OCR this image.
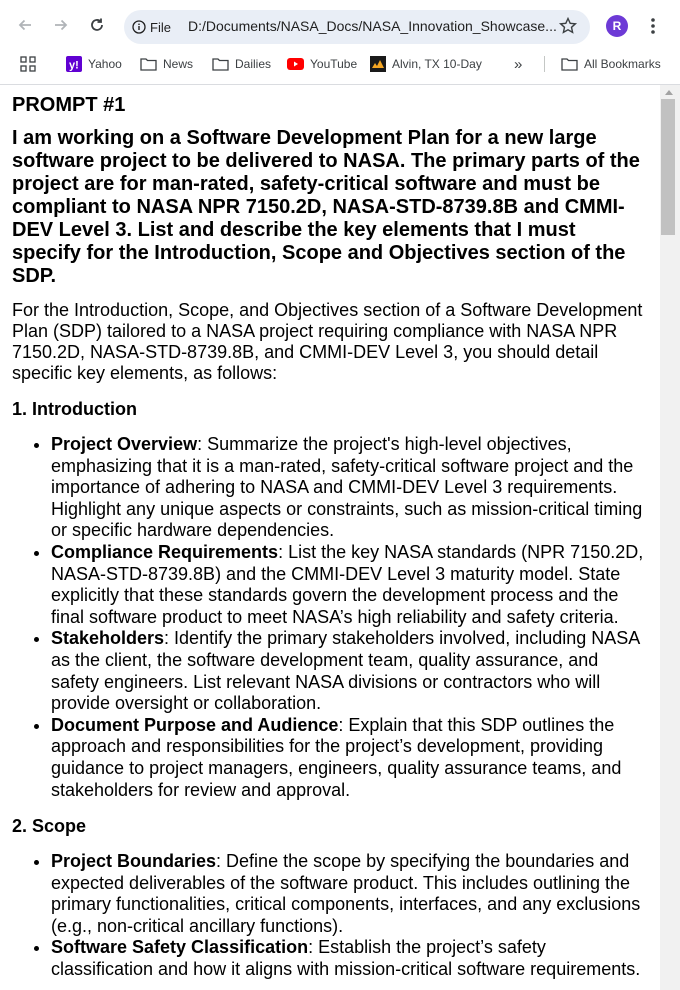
File D:/Documents/NASA_Docs/NASA_Innovation_Showcase...	R
y! Yahoo	News	Dailies	YouTube	Alvin, TX 10-Day »	All Bookmarks
PROMPT #1
I am working on a Software Development Plan for a new large software project to be delivered to NASA. The primary parts of the project are for man-rated, safety-critical software and must be compliant to NASA NPR 7150.2D, NASA-STD-8739.8B and CMMI-DEV Level 3. List and describe the key elements that I must specify for the Introduction, Scope and Objectives section of the SDP.

For the Introduction, Scope, and Objectives section of a Software Development Plan (SDP) tailored to a NASA project requiring compliance with NASA NPR 7150.2D, NASA-STD-8739.8B, and CMMI-DEV Level 3, you should detail specific key elements, as follows:

1. Introduction
• Project Overview: Summarize the project's high-level objectives, emphasizing that it is a man-rated, safety-critical software project and the importance of adhering to NASA and CMMI-DEV Level 3 requirements. Highlight any unique aspects or constraints, such as mission-critical timing or specific hardware dependencies.
• Compliance Requirements: List the key NASA standards (NPR 7150.2D, NASA-STD-8739.8B) and the CMMI-DEV Level 3 maturity model. State explicitly that these standards govern the development process and the final software product to meet NASA’s high reliability and safety criteria.
• Stakeholders: Identify the primary stakeholders involved, including NASA as the client, the software development team, quality assurance, and safety engineers. List relevant NASA divisions or contractors who will provide oversight or collaboration.
• Document Purpose and Audience: Explain that this SDP outlines the approach and responsibilities for the project’s development, providing guidance to project managers, engineers, quality assurance teams, and stakeholders for review and approval.
2. Scope
• Project Boundaries: Define the scope by specifying the boundaries and expected deliverables of the software product. This includes outlining the primary functionalities, critical components, interfaces, and any exclusions (e.g., non-critical ancillary functions).
• Software Safety Classification: Establish the project’s safety classification and how it aligns with mission-critical software requirements.
